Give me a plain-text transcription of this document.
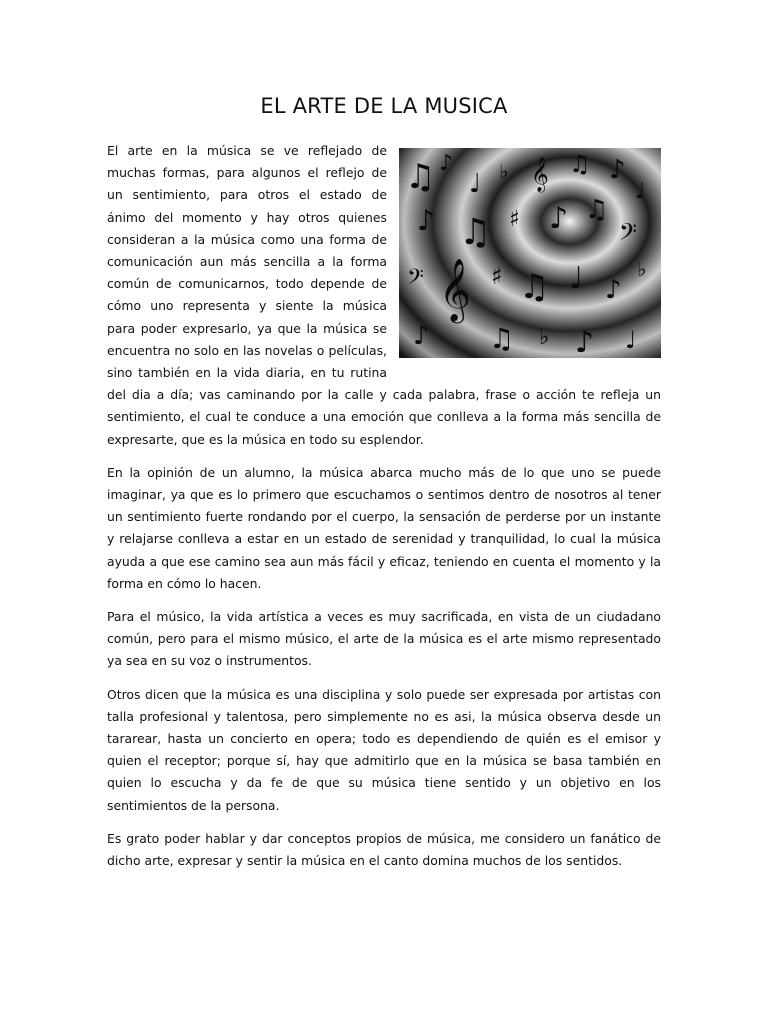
EL ARTE DE LA MUSICA
♫ ♪
♩ ♭ 𝄞 ♫ ♪
♩
♪ ♫ ♯ ♪ ♫
𝄢
𝄢 𝄞 ♯ ♫ ♩ ♪
♭
♪ ♫ ♭ ♪ ♩

El arte en la música se ve reflejado de muchas formas, para algunos el reflejo de un sentimiento, para otros el estado de ánimo del momento y hay otros quienes consideran a la música como una forma de comunicación aun más sencilla a la forma común de comunicarnos, todo depende de cómo uno representa y siente la música para poder expresarlo, ya que la música se encuentra no solo en las novelas o películas, sino también en la vida diaria, en tu rutina del dia a día; vas caminando por la calle y cada palabra, frase o acción te refleja un sentimiento, el cual te conduce a una emoción que conlleva a la forma más sencilla de expresarte, que es la música en todo su esplendor.

En la opinión de un alumno, la música abarca mucho más de lo que uno se puede imaginar, ya que es lo primero que escuchamos o sentimos dentro de nosotros al tener un sentimiento fuerte rondando por el cuerpo, la sensación de perderse por un instante y relajarse conlleva a estar en un estado de serenidad y tranquilidad, lo cual la música ayuda a que ese camino sea aun más fácil y eficaz, teniendo en cuenta el momento y la forma en cómo lo hacen.

Para el músico, la vida artística a veces es muy sacrificada, en vista de un ciudadano común, pero para el mismo músico, el arte de la música es el arte mismo representado ya sea en su voz o instrumentos.

Otros dicen que la música es una disciplina y solo puede ser expresada por artistas con talla profesional y talentosa, pero simplemente no es asi, la música observa desde un tararear, hasta un concierto en opera; todo es dependiendo de quién es el emisor y quien el receptor; porque sí, hay que admitirlo que en la música se basa también en quien lo escucha y da fe de que su música tiene sentido y un objetivo en los sentimientos de la persona.

Es grato poder hablar y dar conceptos propios de música, me considero un fanático de dicho arte, expresar y sentir la música en el canto domina muchos de los sentidos.
